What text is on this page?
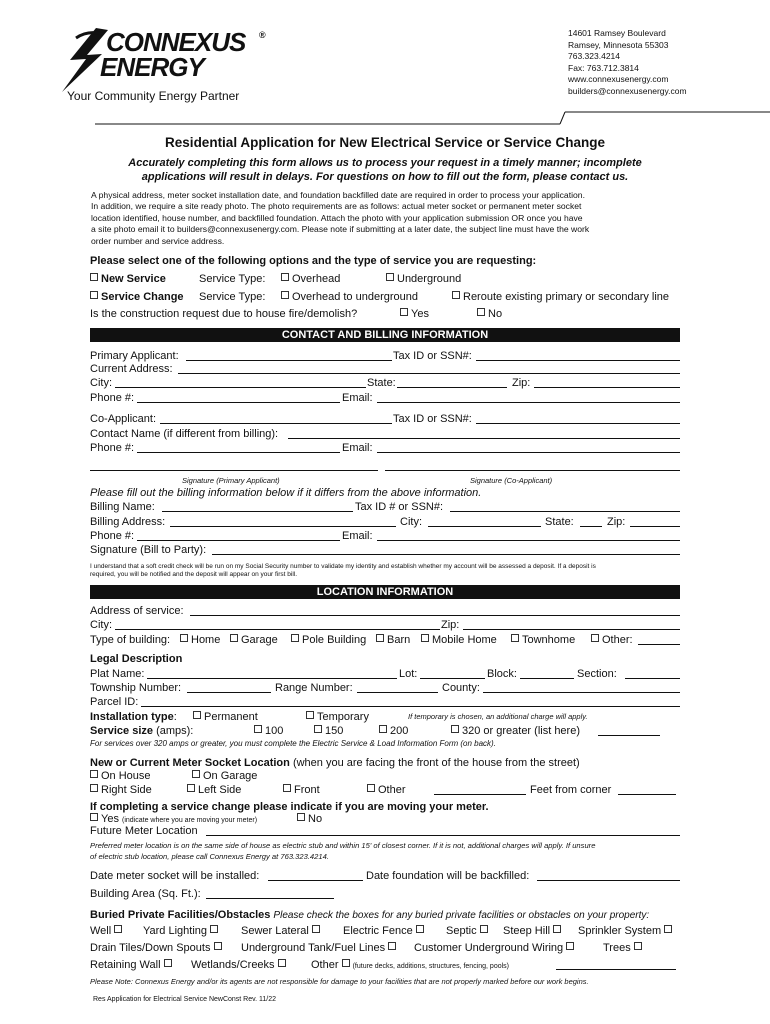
CONNEXUS ®
ENERGY
Your Community Energy Partner
14601 Ramsey Boulevard
Ramsey, Minnesota 55303
763.323.4214
Fax: 763.712.3814
www.connexusenergy.com
builders@connexusenergy.com
Residential Application for New Electrical Service or Service Change
Accurately completing this form allows us to process your request in a timely manner; incomplete
applications will result in delays. For questions on how to fill out the form, please contact us.
A physical address, meter socket installation date, and foundation backfilled date are required in order to process your application.
In addition, we require a site ready photo. The photo requirements are as follows: actual meter socket or permanent meter socket
location identified, house number, and backfilled foundation. Attach the photo with your application submission OR once you have
a site photo email it to builders@connexusenergy.com. Please note if submitting at a later date, the subject line must have the work
order number and service address.
Please select one of the following options and the type of service you are requesting:
New Service	Service Type:	Overhead	Underground
Service Change Service Type:	Overhead to underground	Reroute existing primary or secondary line
Is the construction request due to house fire/demolish?	Yes	No
CONTACT AND BILLING INFORMATION
Primary Applicant:	Tax ID or SSN#:
Current Address:
City:	State:	Zip:
Phone #:	Email:
Co-Applicant:	Tax ID or SSN#:
Contact Name (if different from billing):
Phone #:	Email:
Signature (Primary Applicant)	Signature (Co-Applicant)
Please fill out the billing information below if it differs from the above information.
Billing Name:	Tax ID # or SSN#:
Billing Address:	City:	State:	Zip:
Phone #:	Email:
Signature (Bill to Party):
I understand that a soft credit check will be run on my Social Security number to validate my identity and establish whether my account will be assessed a deposit. If a deposit is
required, you will be notified and the deposit will appear on your first bill.
LOCATION INFORMATION
Address of service:
City:	Zip:
Type of building:	Home	Garage	Pole Building	Barn	Mobile Home	Townhome	Other:
Legal Description
Plat Name:	Lot:	Block:	Section:
Township Number:	Range Number:	County:
Parcel ID:
Installation type:	Permanent	Temporary	If temporary is chosen, an additional charge will apply.
Service size (amps):	100	150	200	320 or greater (list here)
For services over 320 amps or greater, you must complete the Electric Service & Load Information Form (on back).
New or Current Meter Socket Location (when you are facing the front of the house from the street)
On House	On Garage
Right Side	Left Side	Front	Other	Feet from corner
If completing a service change please indicate if you are moving your meter.
Yes (indicate where you are moving your meter)	No
Future Meter Location
Preferred meter location is on the same side of house as electric stub and within 15' of closest corner. If it is not, additional charges will apply. If unsure
of electric stub location, please call Connexus Energy at 763.323.4214.
Date meter socket will be installed:	Date foundation will be backfilled:
Building Area (Sq. Ft.):
Buried Private Facilities/Obstacles Please check the boxes for any buried private facilities or obstacles on your property:
Well	Yard Lighting	Sewer Lateral	Electric Fence	Septic	Steep Hill	Sprinkler System
Drain Tiles/Down Spouts	Underground Tank/Fuel Lines	Customer Underground Wiring	Trees
Retaining Wall	Wetlands/Creeks	Other (future decks, additions, structures, fencing, pools)
Please Note: Connexus Energy and/or its agents are not responsible for damage to your facilities that are not properly marked before our work begins.
Res Application for Electrical Service NewConst Rev. 11/22
